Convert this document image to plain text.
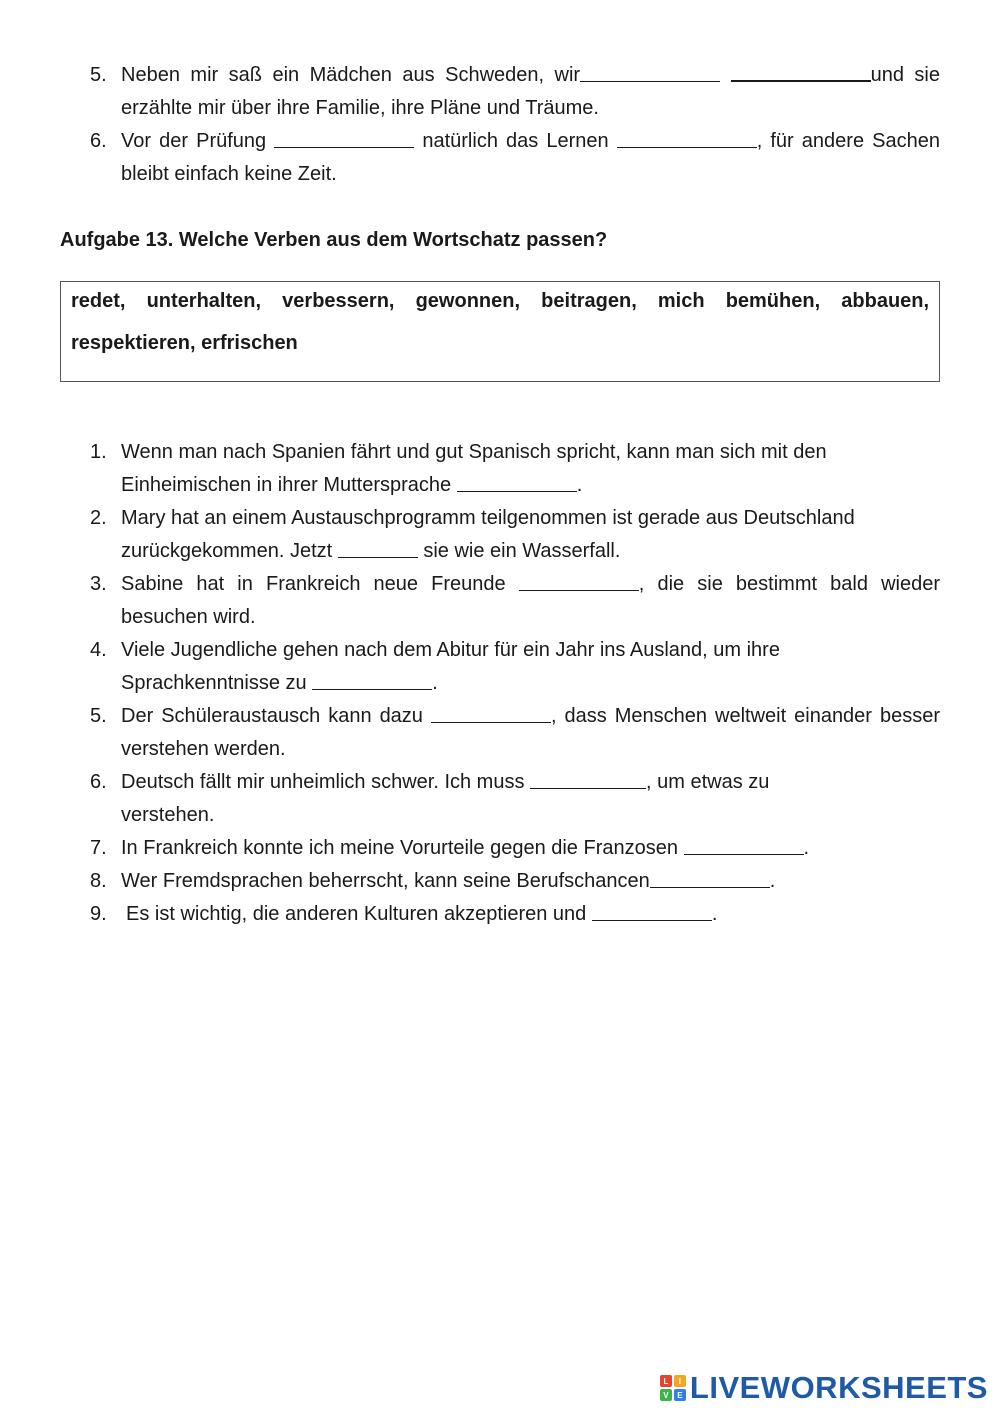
5. Neben mir saß ein Mädchen aus Schweden, wir	und sie erzählte mir über ihre Familie, ihre Pläne und Träume.
6. Vor der Prüfung	natürlich das Lernen	, für andere Sachen bleibt einfach keine Zeit.

Aufgabe 13. Welche Verben aus dem Wortschatz passen?

redet, unterhalten, verbessern, gewonnen, beitragen, mich bemühen, abbauen,
respektieren, erfrischen
1. Wenn man nach Spanien fährt und gut Spanisch spricht, kann man sich mit den Einheimischen in ihrer Muttersprache	.
2. Mary hat an einem Austauschprogramm teilgenommen ist gerade aus Deutschland zurückgekommen. Jetzt	sie wie ein Wasserfall.
3. Sabine hat in Frankreich neue Freunde	, die sie bestimmt bald wieder besuchen wird.
4. Viele Jugendliche gehen nach dem Abitur für ein Jahr ins Ausland, um ihre Sprachkenntnisse zu	.
5. Der Schüleraustausch kann dazu	, dass Menschen weltweit einander besser verstehen werden.
6. Deutsch fällt mir unheimlich schwer. Ich muss	, um etwas zu verstehen.
7. In Frankreich konnte ich meine Vorurteile gegen die Franzosen	.
8. Wer Fremdsprachen beherrscht, kann seine Berufschancen	.
9. Es ist wichtig, die anderen Kulturen akzeptieren und	.
L	I
V	E LIVEWORKSHEETS
